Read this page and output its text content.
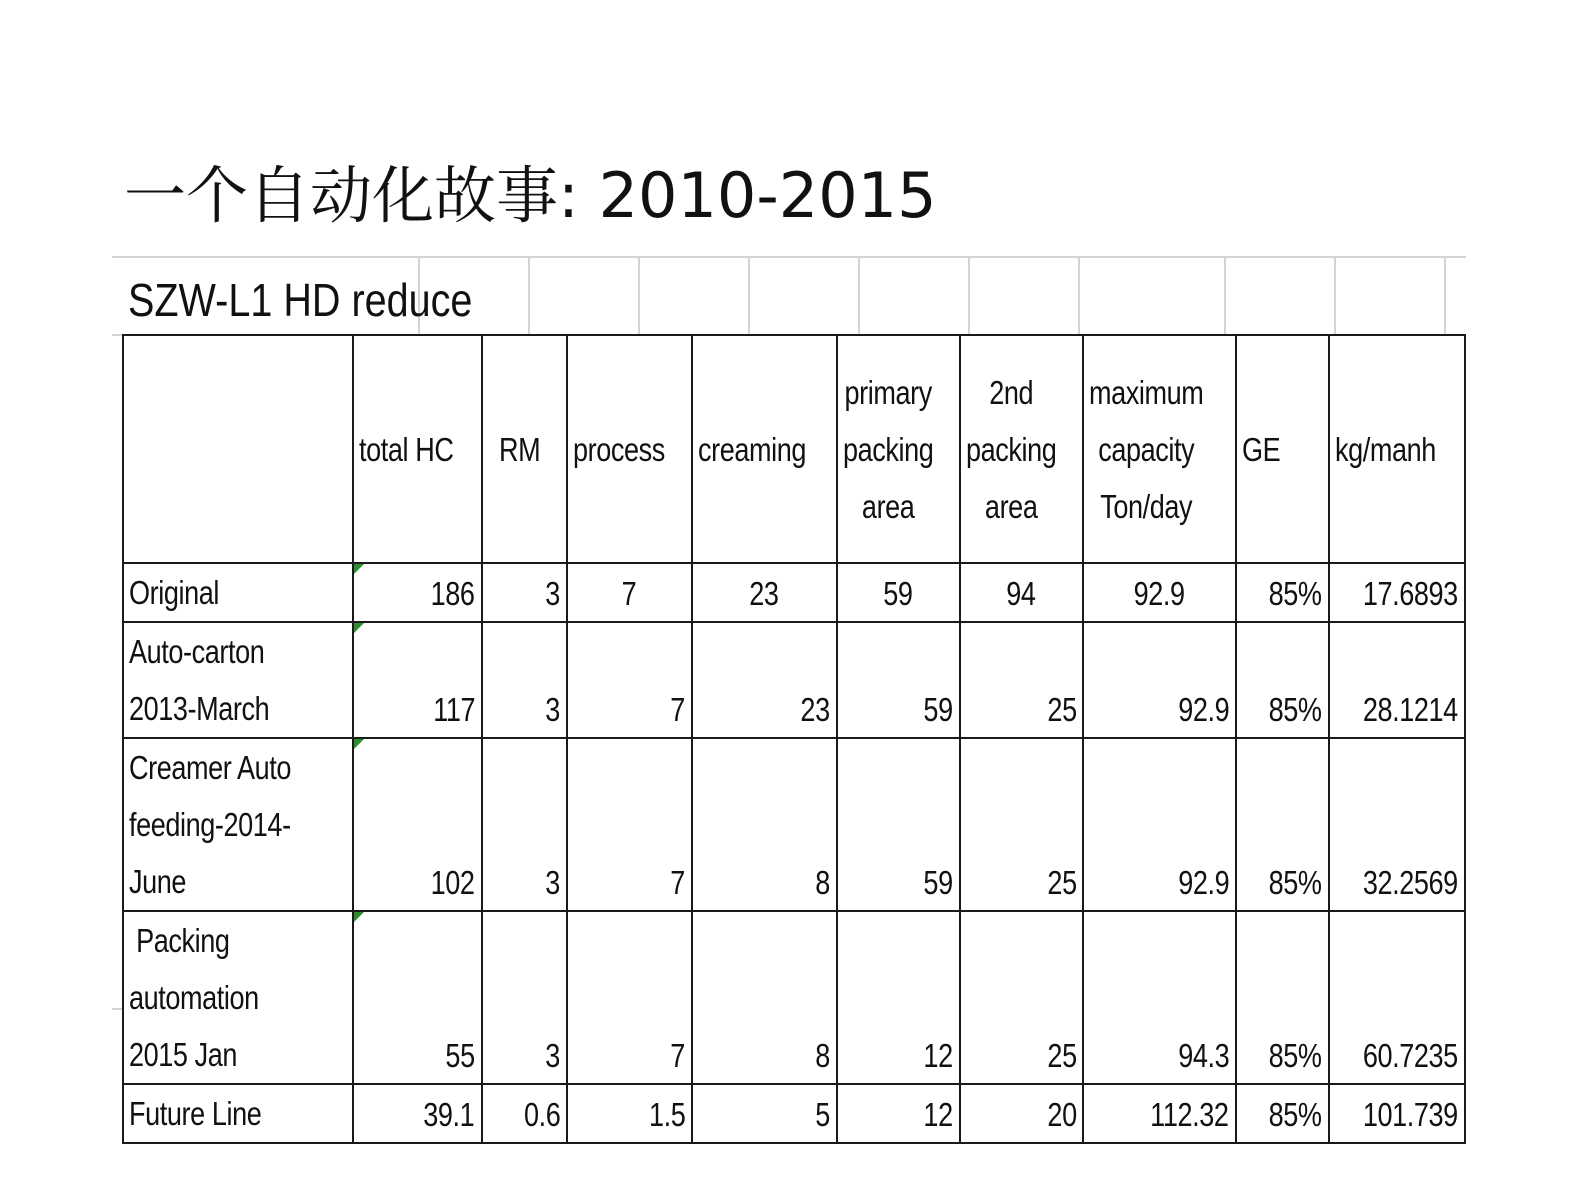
一个自动化故事: 2010-2015
SZW-L1 HD reduce
	total HC	RM	process	creaming	primary packing area	2nd packing area	maximum capacity Ton/day	GE	kg/manh
Original	186	3	7	23	59	94	92.9	85%	17.6893
Auto-carton 2013-March	117	3	7	23	59	25	92.9	85%	28.1214
Creamer Auto feeding-2014-June	102	3	7	8	59	25	92.9	85%	32.2569
Packing automation 2015 Jan	55	3	7	8	12	25	94.3	85%	60.7235
Future Line	39.1	0.6	1.5	5	12	20	112.32	85%	101.739
